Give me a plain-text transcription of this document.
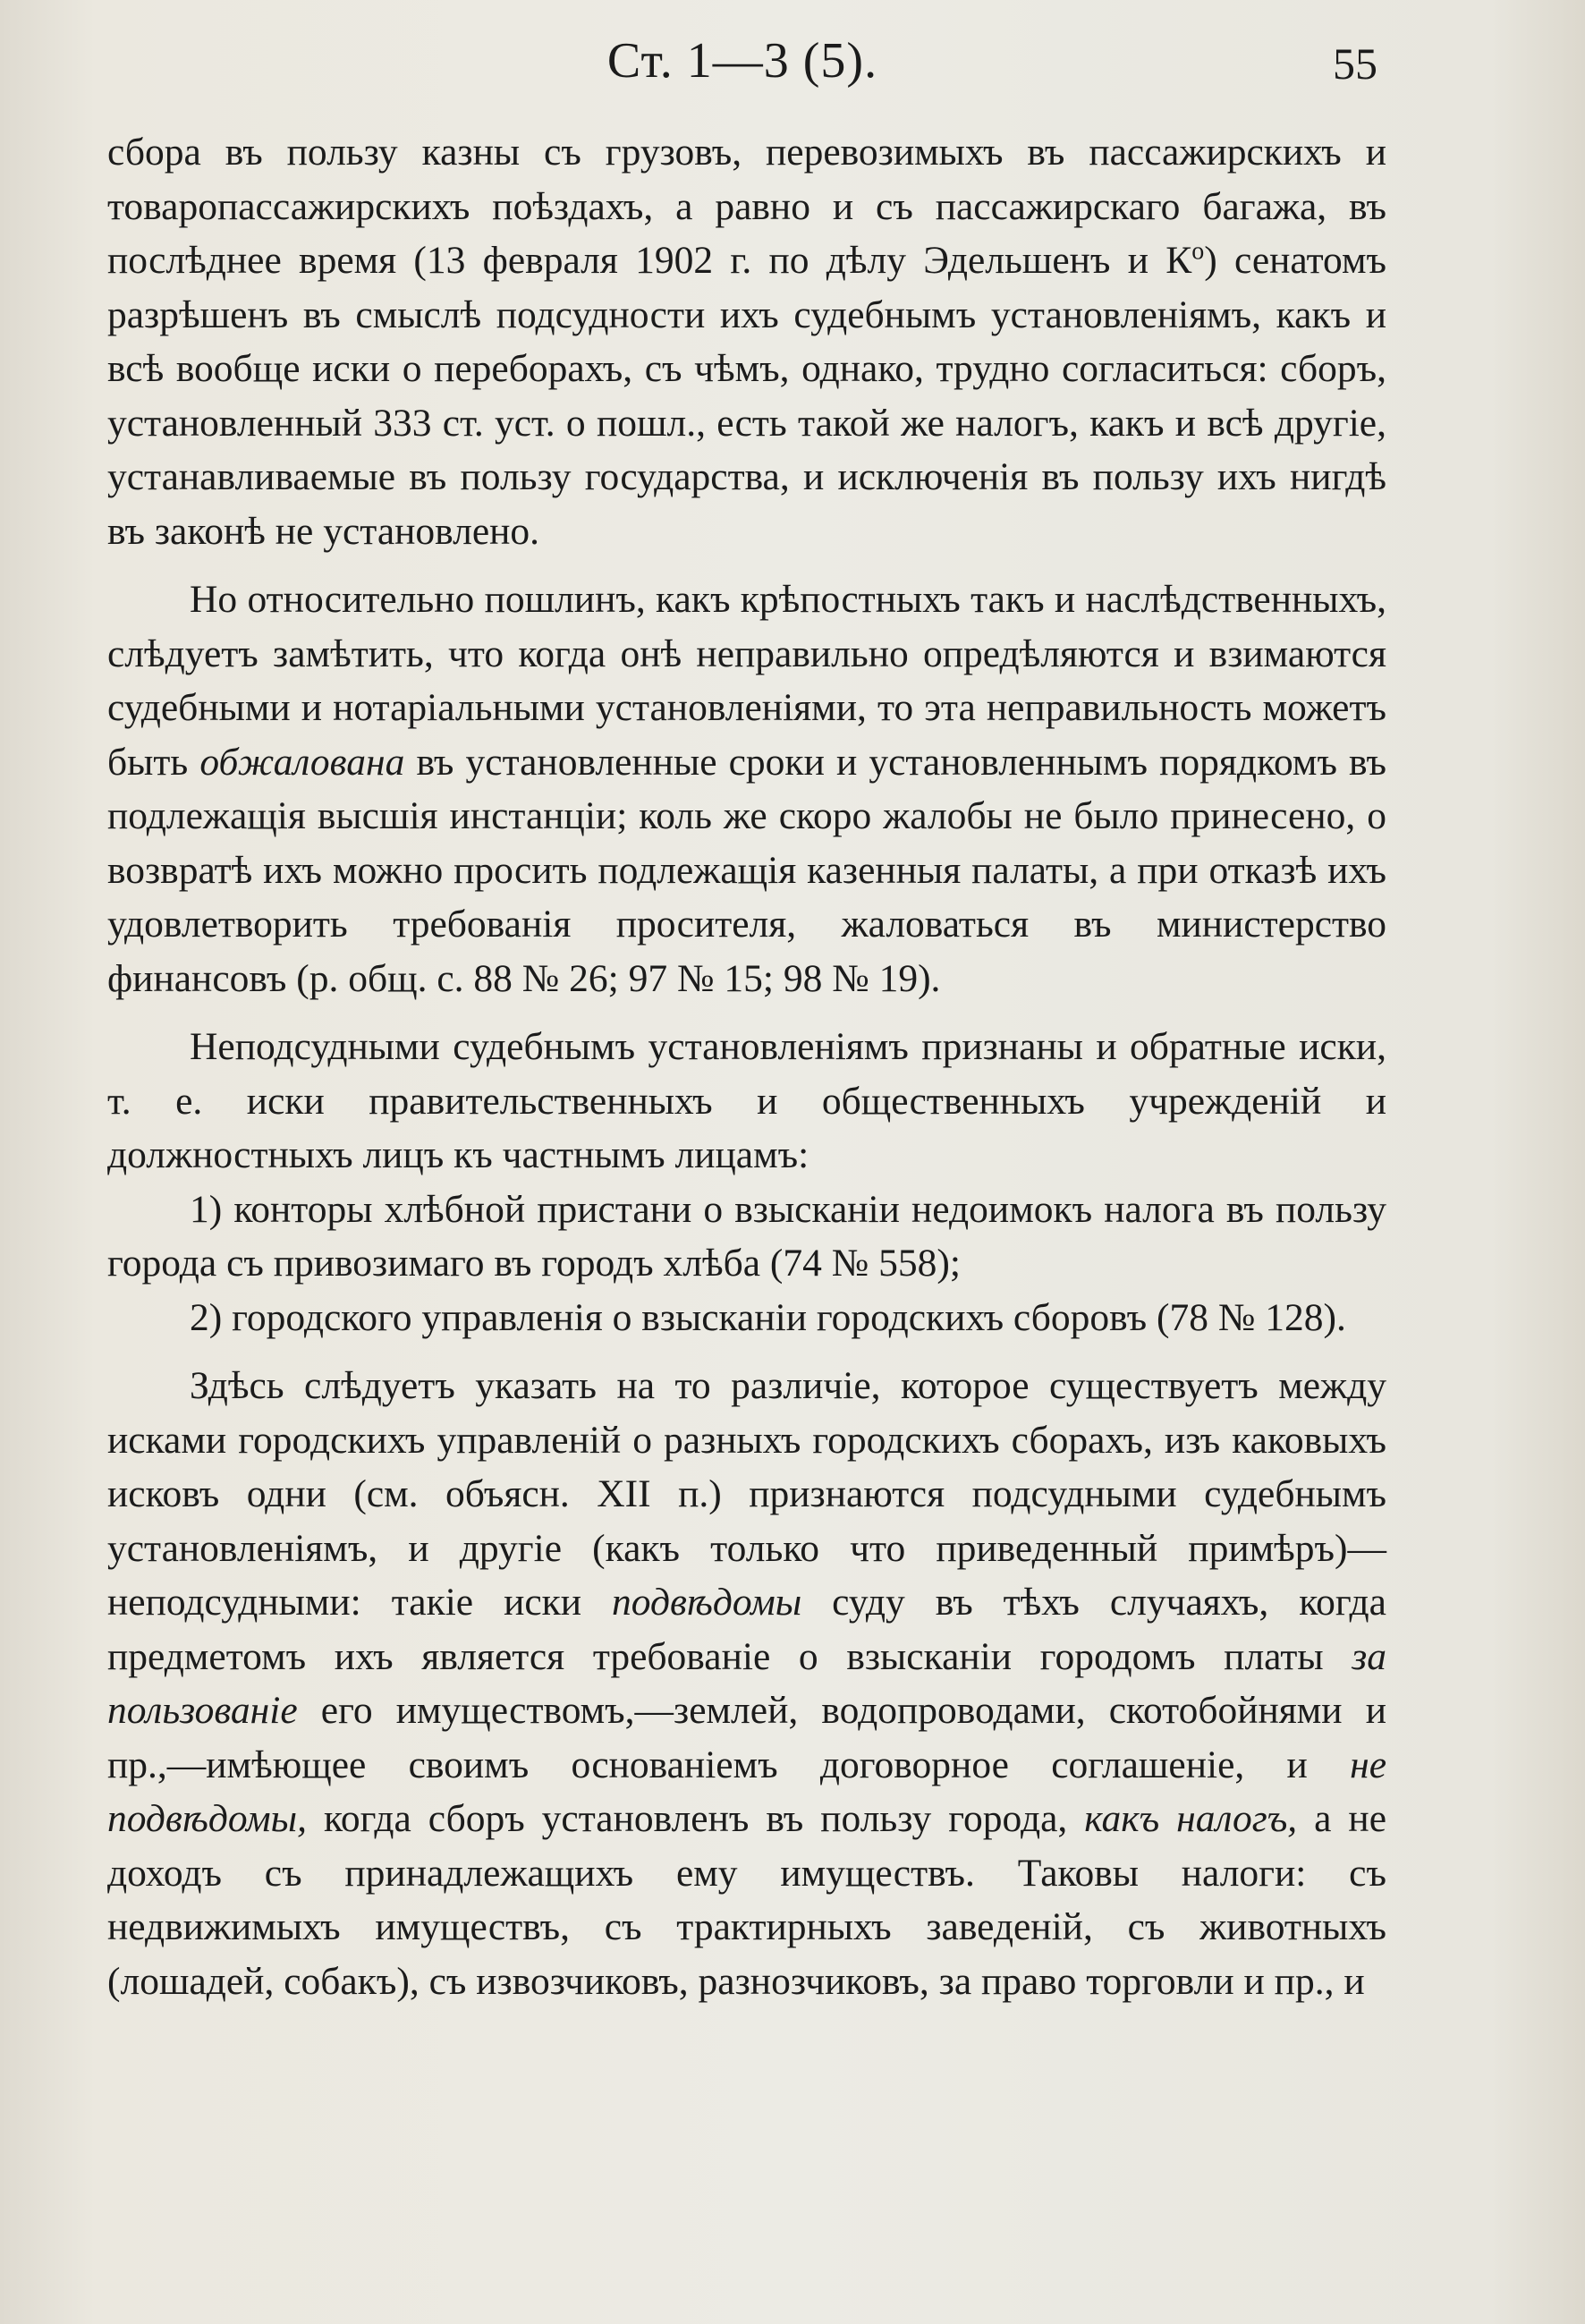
Ст. 1—3 (5).	55

сбора въ пользу казны съ грузовъ, перевозимыхъ въ пассажирскихъ и товаропассажирскихъ поѣздахъ, а равно и съ пассажирскаго багажа, въ послѣднее время (13 февраля 1902 г. по дѣлу Эдельшенъ и $К^о$) сенатомъ разрѣшенъ въ смыслѣ подсудности ихъ судебнымъ установленіямъ, какъ и всѣ вообще иски о переборахъ, съ чѣмъ, однако, трудно согласиться: сборъ, установленный 333 ст. уст. о пошл., есть такой же налогъ, какъ и всѣ другіе, устанавливаемые въ пользу государства, и исключенія въ пользу ихъ нигдѣ въ законѣ не установлено.

Но относительно пошлинъ, какъ крѣпостныхъ такъ и наслѣдственныхъ, слѣдуетъ замѣтить, что когда онѣ неправильно опредѣляются и взимаются судебными и нотаріальными установленіями, то эта неправильность можетъ быть обжалована въ установленные сроки и установленнымъ порядкомъ въ подлежащія высшія инстанціи; коль же скоро жалобы не было принесено, о возвратѣ ихъ можно просить подлежащія казенныя палаты, а при отказѣ ихъ удовлетворить требованія просителя, жаловаться въ министерство финансовъ (р. общ. с. 88 № 26; 97 № 15; 98 № 19).

Неподсудными судебнымъ установленіямъ признаны и обратные иски, т. е. иски правительственныхъ и общественныхъ учрежденій и должностныхъ лицъ къ частнымъ лицамъ:

1) конторы хлѣбной пристани о взысканіи недоимокъ налога въ пользу города съ привозимаго въ городъ хлѣба (74 № 558);

2) городского управленія о взысканіи городскихъ сборовъ (78 № 128).

Здѣсь слѣдуетъ указать на то различіе, которое существуетъ между исками городскихъ управленій о разныхъ городскихъ сборахъ, изъ каковыхъ исковъ одни (см. объясн. XII п.) признаются подсудными судебнымъ установленіямъ, и другіе (какъ только что приведенный примѣръ)—неподсудными: такіе иски подвѣдомы суду въ тѣхъ случаяхъ, когда предметомъ ихъ является требованіе о взысканіи городомъ платы за пользованіе его имуществомъ,—землей, водопроводами, скотобойнями и пр.,—имѣющее своимъ основаніемъ договорное соглашеніе, и не подвѣдомы, когда сборъ установленъ въ пользу города, какъ налогъ, а не доходъ съ принадлежащихъ ему имуществъ. Таковы налоги: съ недвижимыхъ имуществъ, съ трактирныхъ заведеній, съ животныхъ (лошадей, собакъ), съ извозчиковъ, разнозчиковъ, за право торговли и пр., и
